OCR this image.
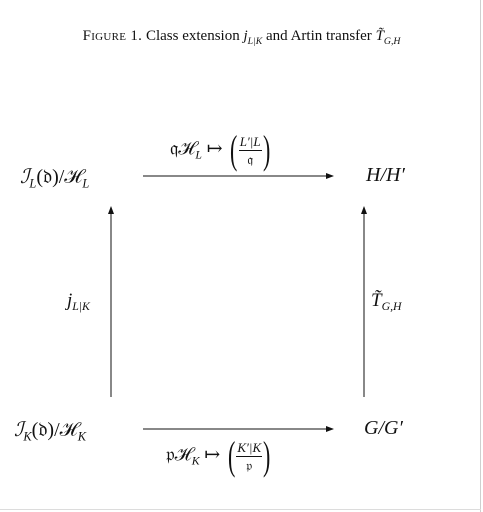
Figure 1. Class extension $j_{L|K}$ and Artin transfer $T̃_{G,H}$
ℐ$_L$(𝔡)/ℋ$_L$	H/H′
ℐ$_K$(𝔡)/ℋ$_K$	G/G′
𝔮ℋ$_L$ ↦ ( $\frac{L'|L}{\text{𝔮}}$ )
𝔭ℋ$_K$ ↦ ( $\frac{K'|K}{\text{𝔭}}$ )
$j_{L|K}$	$T̃_{G,H}$
